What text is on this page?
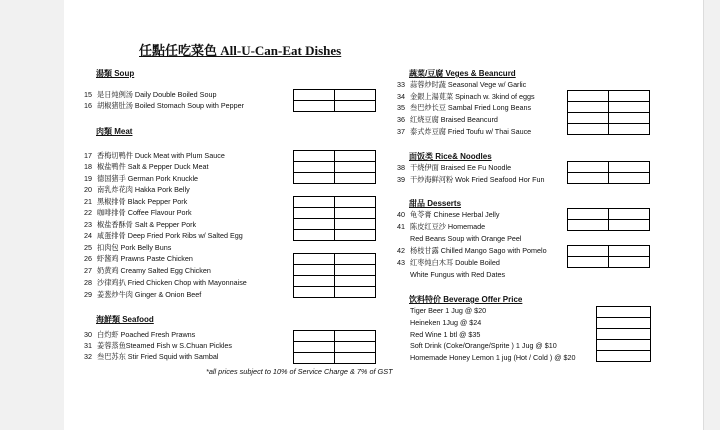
任點任吃菜色 All-U-Can-Eat Dishes
湯類 Soup
15 是日炖例汤 Daily Double Boiled Soup
16 胡椒猪肚汤 Boiled Stomach Soup with Pepper
肉類 Meat
17 香梅切鸭件 Duck Meat with Plum Sauce
18 椒盐鸭件 Salt & Pepper Duck Meat
19 德国猪手 German Pork Knuckle
20 南乳炸花肉 Hakka Pork Belly
21 黑椒排骨 Black Pepper Pork
22 咖啡排骨 Coffee Flavour Pork
23 椒盐香酥骨 Salt & Pepper Pork
24 咸蛋排骨 Deep Fried Pork Ribs w/ Salted Egg
25 扣肉包 Pork Belly Buns
26 虾酱鸡 Prawns Paste Chicken
27 奶黄鸡 Creamy Salted Egg Chicken
28 沙律鸡扒 Fried Chicken Chop with Mayonnaise
29 姜葱炒牛肉 Ginger & Onion Beef
海鮮類 Seafood
30 白灼虾 Poached Fresh Prawns
31 姜蓉蒸鱼Steamed Fish w S.Chuan Pickles
32 叁巴苏东 Stir Fried Squid with Sambal
蔬菜/豆腐 Veges & Beancurd
33 蒜蓉炒时蔬 Seasonal Vege w/ Garlic
34 金銀上湯莧菜 Spinach w. 3kind of eggs
35 叁巴炒长豆 Sambal Fried Long Beans
36 红烧豆腐 Braised Beancurd
37 泰式炸豆腐 Fried Toufu w/ Thai Sauce
面饭类 Rice& Noodles
38 干烧伊面 Braised Ee Fu Noodle
39 干炒海鲜河粉 Wok Fried Seafood Hor Fun
甜品 Desserts
40 龟苓膏 Chinese Herbal Jelly
41 陈皮红豆沙 Homemade
Red Beans Soup with Orange Peel
42 杨枝甘露 Chilled Mango Sago with Pomelo
43 红枣炖白木耳 Double Boiled
White Fungus with Red Dates
饮料特价 Beverage Offer Price
Tiger Beer 1 Jug @ $20
Heineken 1Jug @ $24
Red Wine 1 btl @ $35
Soft Drink (Coke/Orange/Sprite ) 1 Jug @ $10
Homemade Honey Lemon 1 jug (Hot / Cold ) @ $20
*all prices subject to 10% of Service Charge & 7% of GST
